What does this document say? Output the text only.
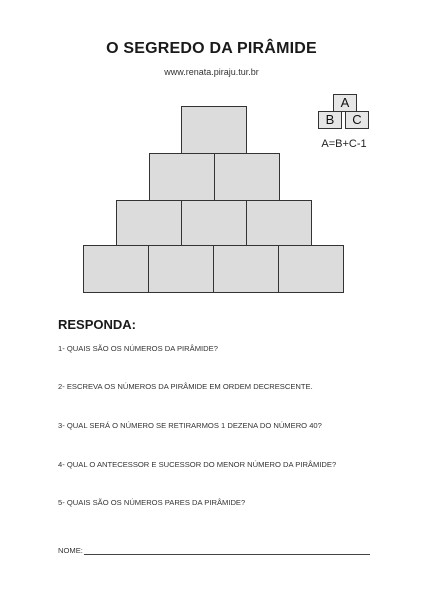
O SEGREDO DA PIRÂMIDE
www.renata.piraju.tur.br
A
B	C
A=B+C-1
RESPONDA:
1- QUAIS SÃO OS NÚMEROS DA PIRÂMIDE?
2- ESCREVA OS NÚMEROS DA PIRÂMIDE EM ORDEM DECRESCENTE.
3- QUAL SERÁ O NÚMERO SE RETIRARMOS 1 DEZENA DO NÚMERO 40?
4- QUAL O ANTECESSOR E SUCESSOR DO MENOR NÚMERO DA PIRÂMIDE?
5- QUAIS SÃO OS NÚMEROS PARES DA PIRÂMIDE?
NOME:
